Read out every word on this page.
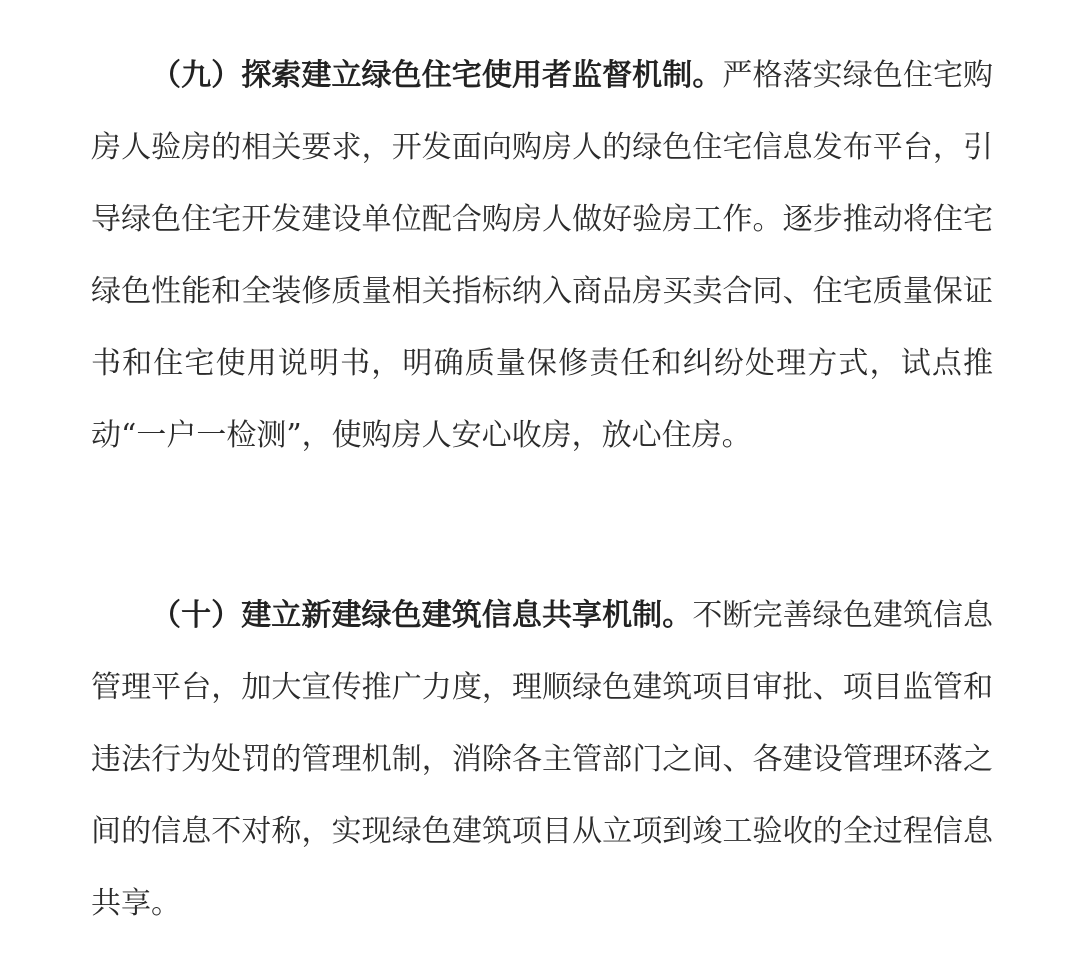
（九）探索建立绿色住宅使用者监督机制。严格落实绿色住宅购房人验房的相关要求，开发面向购房人的绿色住宅信息发布平台，引导绿色住宅开发建设单位配合购房人做好验房工作。逐步推动将住宅绿色性能和全装修质量相关指标纳入商品房买卖合同、住宅质量保证书和住宅使用说明书，明确质量保修责任和纠纷处理方式，试点推动“一户一检测”，使购房人安心收房，放心住房。

（十）建立新建绿色建筑信息共享机制。不断完善绿色建筑信息管理平台，加大宣传推广力度，理顺绿色建筑项目审批、项目监管和违法行为处罚的管理机制，消除各主管部门之间、各建设管理环落之间的信息不对称，实现绿色建筑项目从立项到竣工验收的全过程信息共享。
